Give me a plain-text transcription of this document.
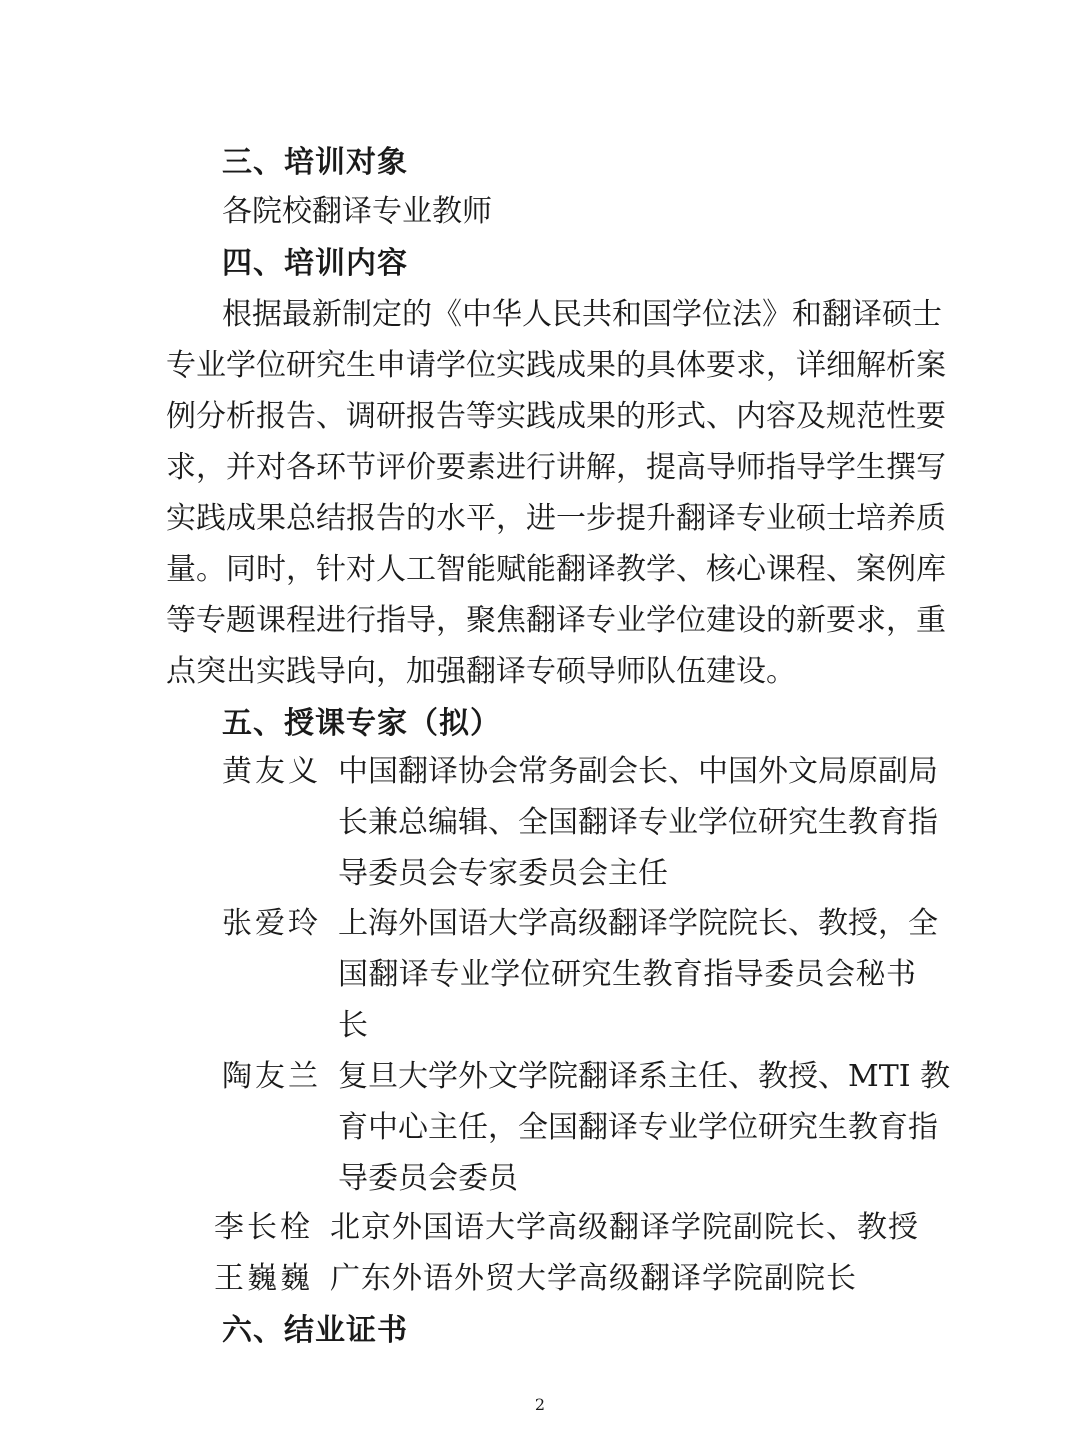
三、培训对象
各院校翻译专业教师
四、培训内容
根据最新制定的《中华人民共和国学位法》和翻译硕士
专业学位研究生申请学位实践成果的具体要求，详细解析案
例分析报告、调研报告等实践成果的形式、内容及规范性要
求，并对各环节评价要素进行讲解，提高导师指导学生撰写
实践成果总结报告的水平，进一步提升翻译专业硕士培养质
量。同时，针对人工智能赋能翻译教学、核心课程、案例库
等专题课程进行指导，聚焦翻译专业学位建设的新要求，重
点突出实践导向，加强翻译专硕导师队伍建设。
五、授课专家（拟）
黄友义 中国翻译协会常务副会长、中国外文局原副局
长兼总编辑、全国翻译专业学位研究生教育指
导委员会专家委员会主任
张爱玲 上海外国语大学高级翻译学院院长、教授，全
国翻译专业学位研究生教育指导委员会秘书
长
陶友兰 复旦大学外文学院翻译系主任、教授、MTI 教
育中心主任，全国翻译专业学位研究生教育指
导委员会委员
李长栓 北京外国语大学高级翻译学院副院长、教授
王巍巍 广东外语外贸大学高级翻译学院副院长
六、结业证书
2
